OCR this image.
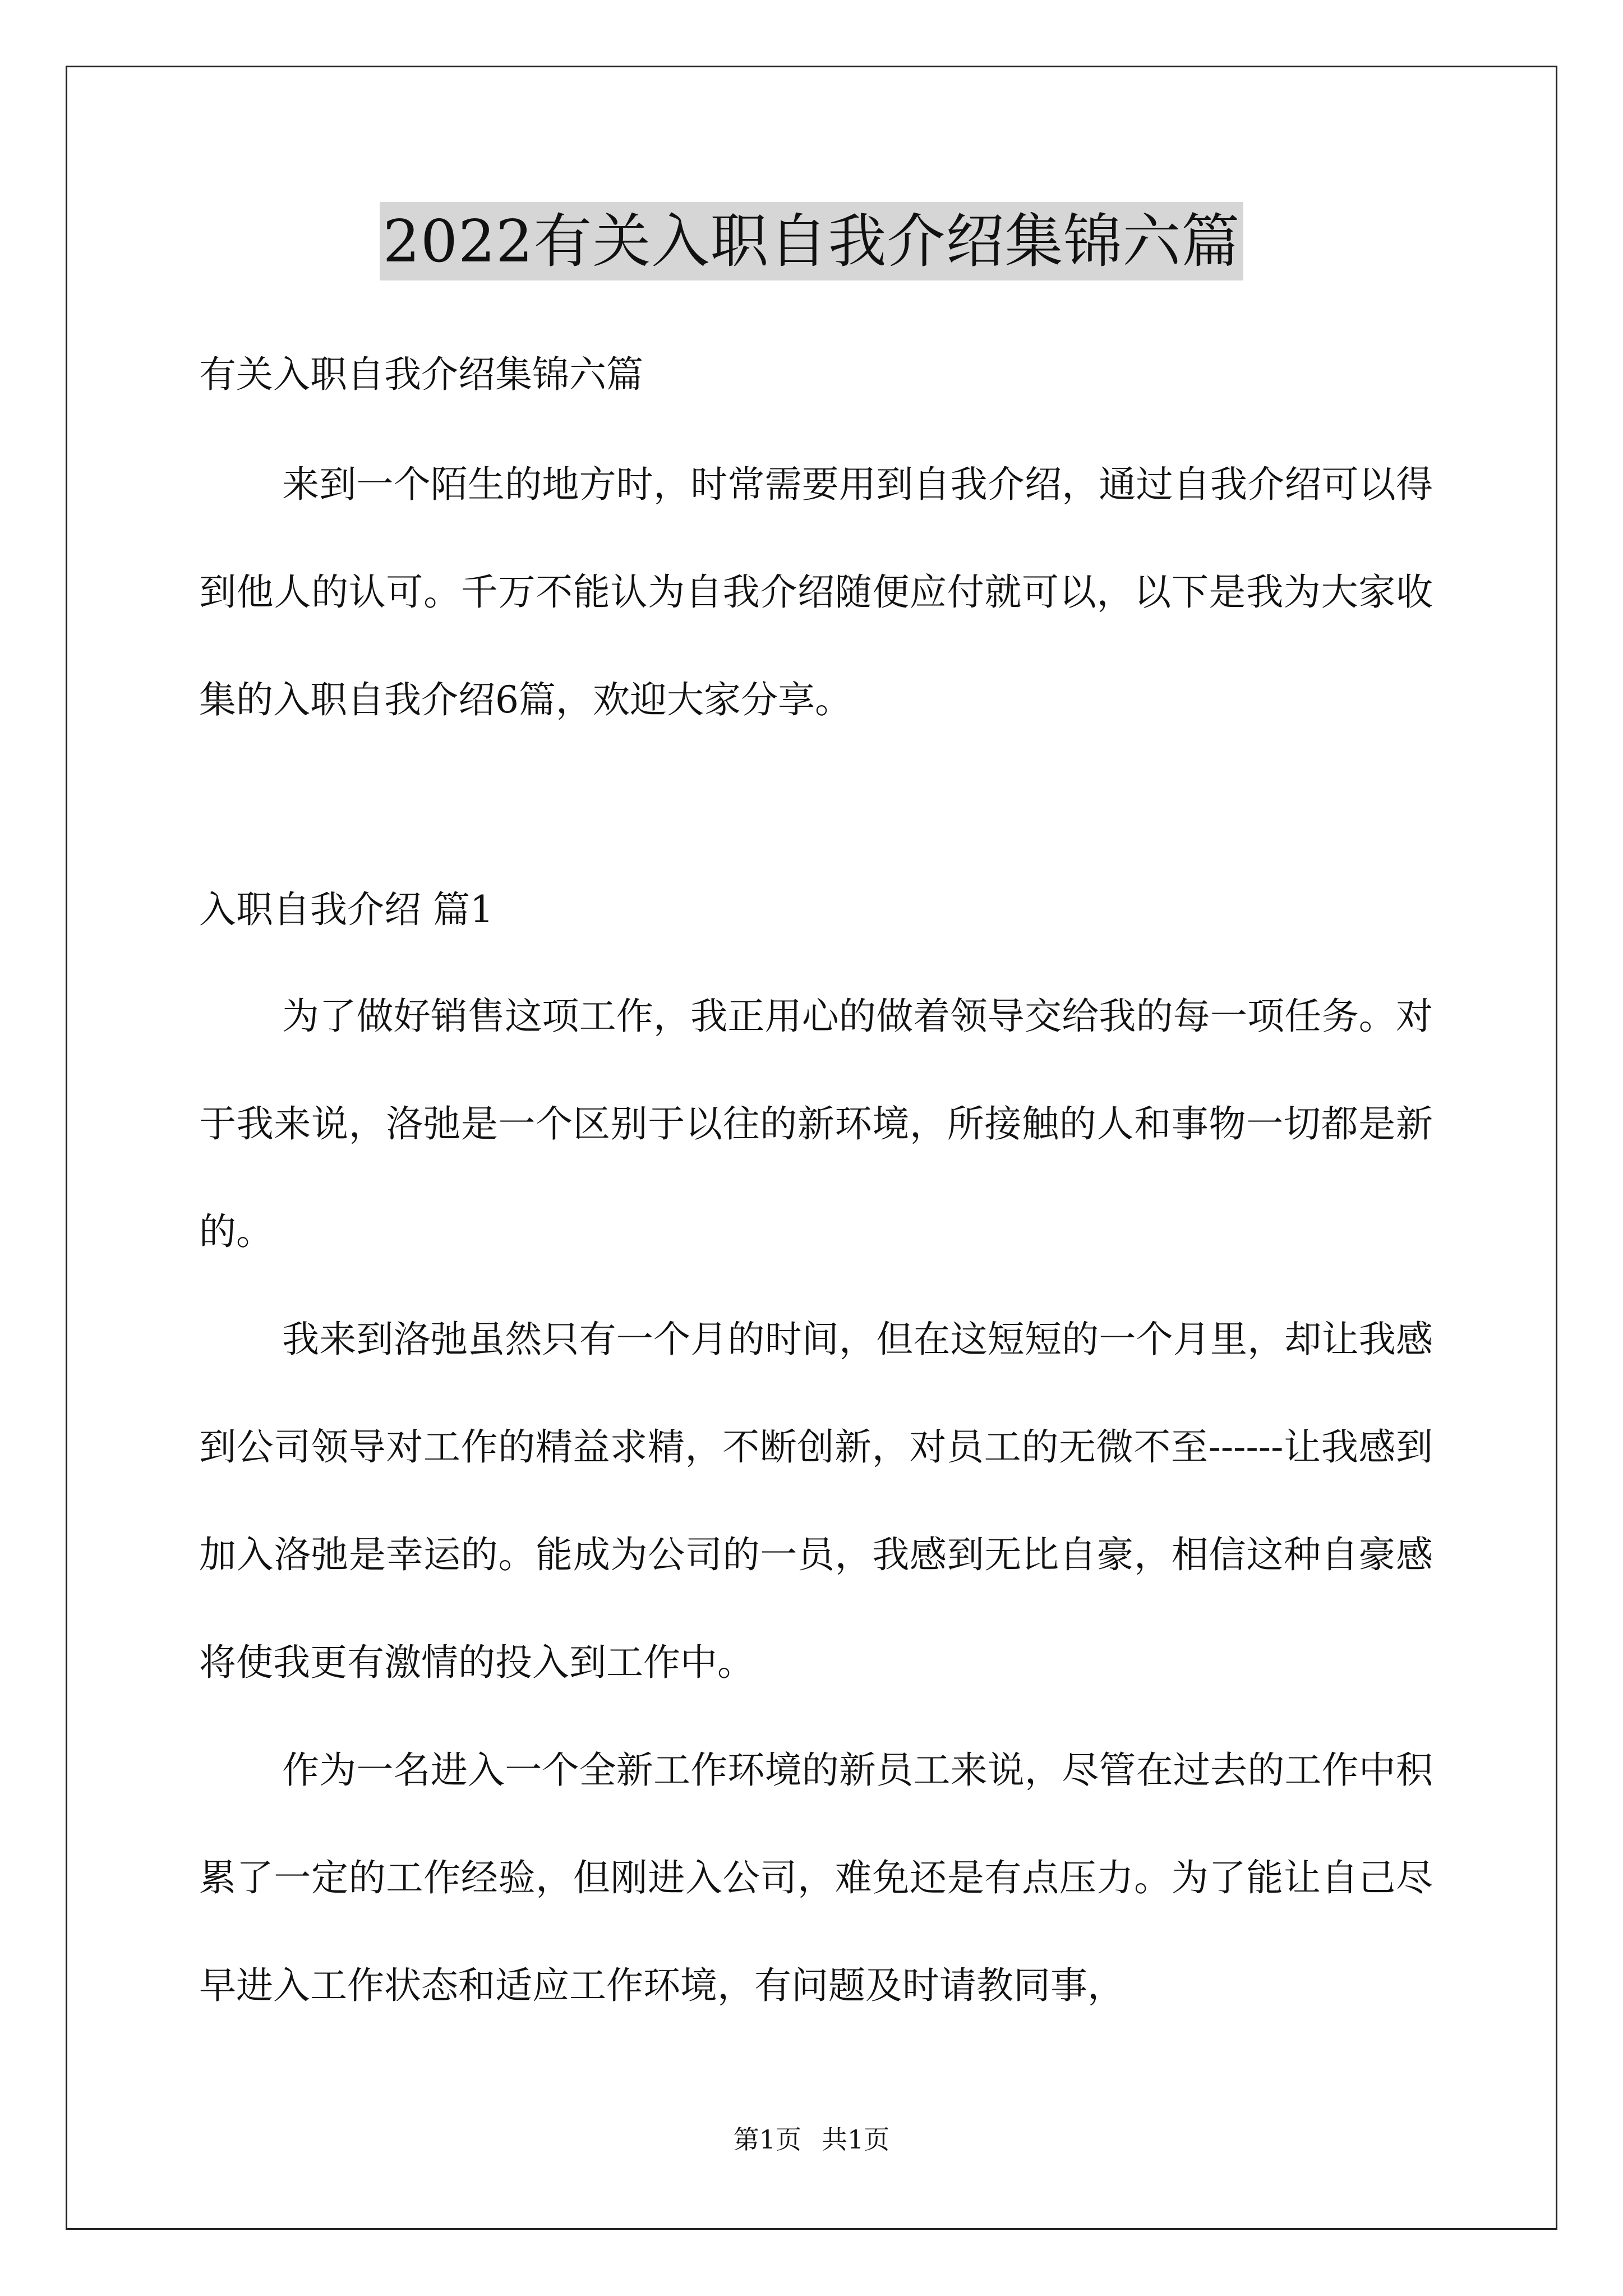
2022有关入职自我介绍集锦六篇

有关入职自我介绍集锦六篇

来到一个陌生的地方时，时常需要用到自我介绍，通过自我介绍可以得到他人的认可。千万不能认为自我介绍随便应付就可以，以下是我为大家收集的入职自我介绍6篇，欢迎大家分享。

入职自我介绍 篇1

为了做好销售这项工作，我正用心的做着领导交给我的每一项任务。对于我来说，洛弛是一个区别于以往的新环境，所接触的人和事物一切都是新的。

我来到洛弛虽然只有一个月的时间，但在这短短的一个月里，却让我感到公司领导对工作的精益求精，不断创新，对员工的无微不至------让我感到加入洛弛是幸运的。能成为公司的一员，我感到无比自豪，相信这种自豪感将使我更有激情的投入到工作中。

作为一名进入一个全新工作环境的新员工来说，尽管在过去的工作中积累了一定的工作经验，但刚进入公司，难免还是有点压力。为了能让自己尽早进入工作状态和适应工作环境，有问题及时请教同事，

第1页 共1页
